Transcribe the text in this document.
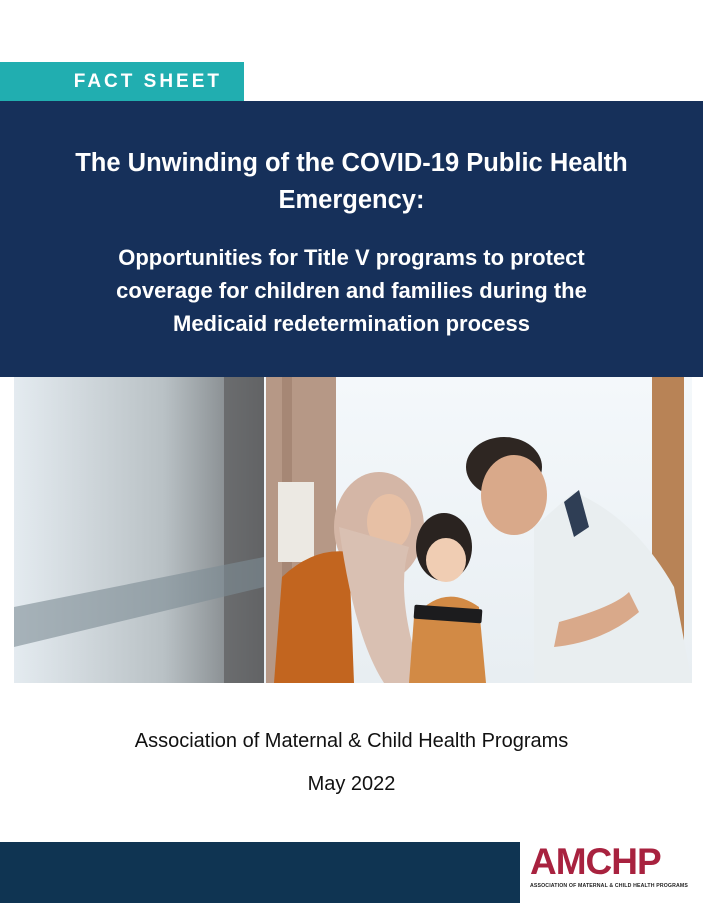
FACT SHEET
The Unwinding of the COVID-19 Public Health Emergency:
Opportunities for Title V programs to protect coverage for children and families during the Medicaid redetermination process
Association of Maternal & Child Health Programs
May 2022
AMCHP
ASSOCIATION OF MATERNAL & CHILD HEALTH PROGRAMS
